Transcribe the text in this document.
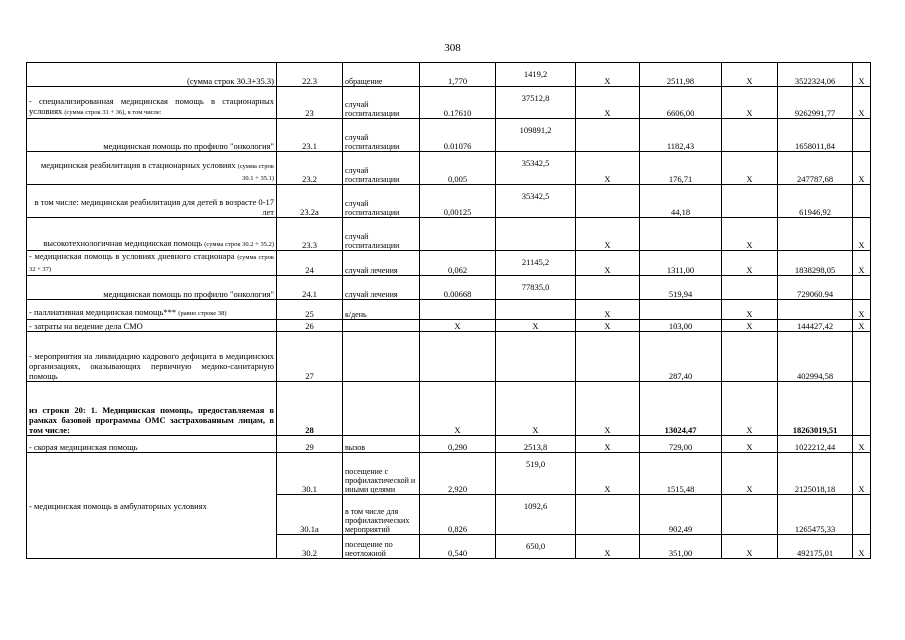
308
(сумма строк 30.3+35.3)	22.3	обращение	1,770	1419,2	X	2511,98	X	3522324,06	X
- специализированная медицинская помощь в стационарных условиях (сумма строк 31 + 36), в том числе:	23	случай госпитализации	0.17610	37512,8	X	6606,00	X	9262991,77	X
медицинская помощь по профилю "онкология"	23.1	случай госпитализации	0.01076	109891,2		1182,43		1658011,84	
медицинская реабилитация в стационарных условиях (сумма строк 30.1 + 35.1)	23.2	случай госпитализации	0,005	35342,5	X	176,71	X	247787,68	X
в том числе: медицинская реабилитация для детей в возрасте 0-17 лет	23.2а	случай госпитализации	0,00125	35342,5		44,18		61946,92	
высокотехнологичная медицинская помощь (сумма строк 30.2 + 35.2)	23.3	случай госпитализации			X		X		X
- медицинская помощь в условиях дневного стационара (сумма строк 32 + 37)	24	случай лечения	0,062	21145,2	X	1311,00	X	1838298,05	X
медицинская помощь по профилю "онкология"	24.1	случай лечения	0.00668	77835,0		519,94		729060.94	
- паллиативная медицинская помощь*** (равно строке 38)	25	к/день			X		X		X
- затраты на ведение дела СМО	26		X	X	X	103,00	X	144427,42	X
- мероприятия на ликвидацию кадрового дефицита в медицинских организациях, оказывающих первичную медико-санитарную помощь	27					287,40		402994,58	
из строки 20: 1. Медицинская помощь, предоставляемая в рамках базовой программы ОМС застрахованным лицам, в том числе:	28		X	X	X	13024,47	X	18263019,51	
- скорая медицинская помощь	29	вызов	0,290	2513,8	X	729,00	X	1022212,44	X
- медицинская помощь в амбулаторных условиях	30.1	посещение с профилактической и иными целями	2,920	519,0	X	1515,48	X	2125018,18	X
	30.1а	в том числе для профилактических мероприятий	0,826	1092,6		902,49		1265475,33	
	30.2	посещение по неотложной	0,540	650,0	X	351,00	X	492175,01	X
